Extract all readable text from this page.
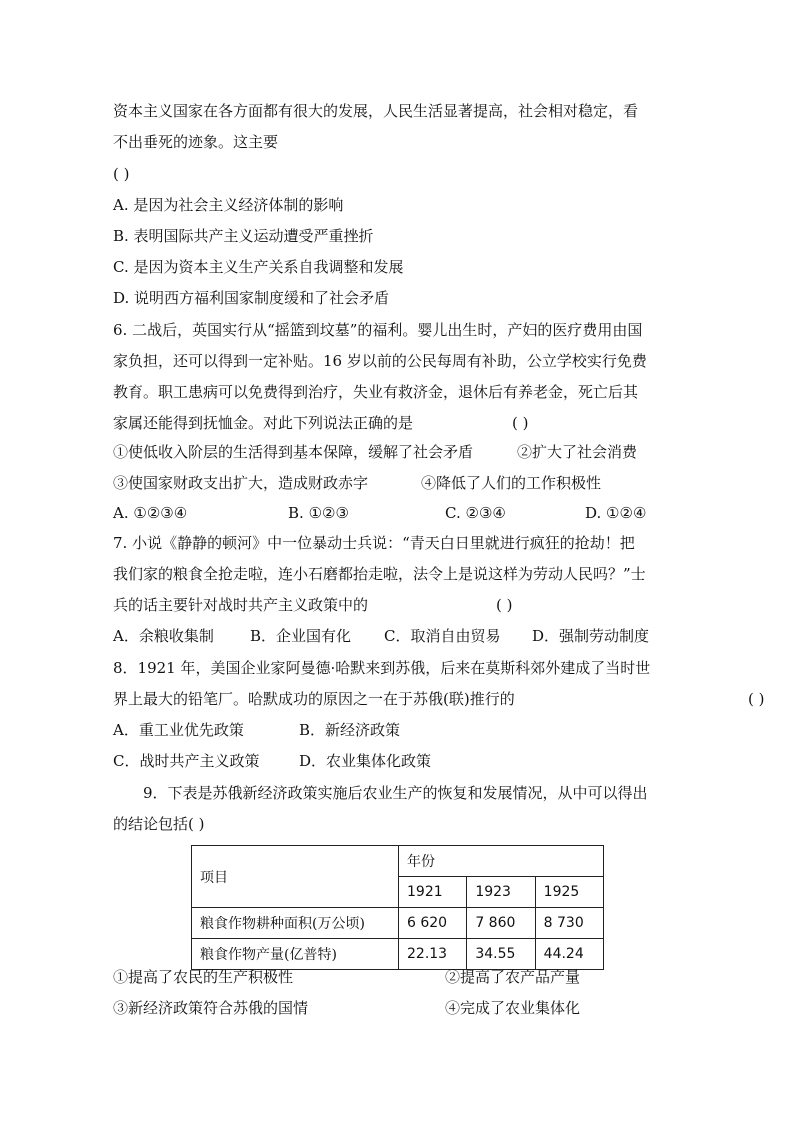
资本主义国家在各方面都有很大的发展，人民生活显著提高，社会相对稳定，看
不出垂死的迹象。这主要
( )
A. 是因为社会主义经济体制的影响
B. 表明国际共产主义运动遭受严重挫折
C. 是因为资本主义生产关系自我调整和发展
D. 说明西方福利国家制度缓和了社会矛盾
6. 二战后，英国实行从“摇篮到坟墓”的福利。婴儿出生时，产妇的医疗费用由国
家负担，还可以得到一定补贴。16 岁以前的公民每周有补助，公立学校实行免费
教育。职工患病可以免费得到治疗，失业有救济金，退休后有养老金，死亡后其
家属还能得到抚恤金。对此下列说法正确的是	( )
①使低收入阶层的生活得到基本保障，缓解了社会矛盾	②扩大了社会消费
③使国家财政支出扩大，造成财政赤字	④降低了人们的工作积极性
A. ①②③④	B. ①②③	C. ②③④	D. ①②④
7. 小说《静静的顿河》中一位暴动士兵说：“青天白日里就进行疯狂的抢劫！把
我们家的粮食全抢走啦，连小石磨都抬走啦，法令上是说这样为劳动人民吗？”士
兵的话主要针对战时共产主义政策中的	( )
A．余粮收集制 B．企业国有化 C．取消自由贸易 D．强制劳动制度
8．1921 年，美国企业家阿曼德·哈默来到苏俄，后来在莫斯科郊外建成了当时世
界上最大的铅笔厂。哈默成功的原因之一在于苏俄(联)推行的	( )
A．重工业优先政策	B．新经济政策
C．战时共产主义政策	D．农业集体化政策
9．下表是苏俄新经济政策实施后农业生产的恢复和发展情况，从中可以得出
的结论包括( )
项目	年份		
	1921	1923	1925
粮食作物耕种面积(万公顷)	6 620	7 860	8 730
粮食作物产量(亿普特)	22.13	34.55	44.24
①提高了农民的生产积极性	②提高了农产品产量
③新经济政策符合苏俄的国情	④完成了农业集体化
